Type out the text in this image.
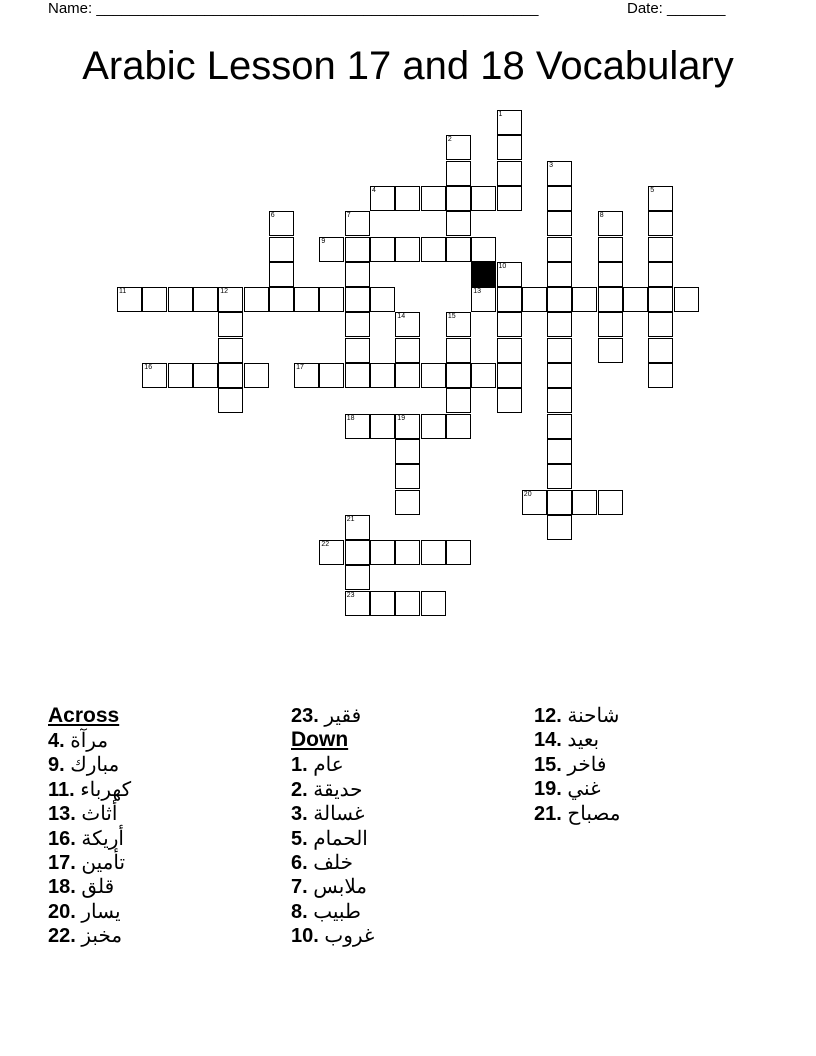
Name: _____________________________________________________	Date: _______
Arabic Lesson 17 and 18 Vocabulary
1
2
3
4	5
6	7	8
9
10
11	12	13
14	15
16	17
18	19
20
21
23
22
Across
4. مرآة
9. مبارك
11. كهرباء
13. أثاث
16. أريكة
17. تأمين
18. قلق
20. يسار
22. مخبز
23. فقير
Down
1. عام
2. حديقة
3. غسالة
5. الحمام
6. خلف
7. ملابس
8. طبيب
10. غروب
12. شاحنة
14. بعيد
15. فاخر
19. غني
21. مصباح
